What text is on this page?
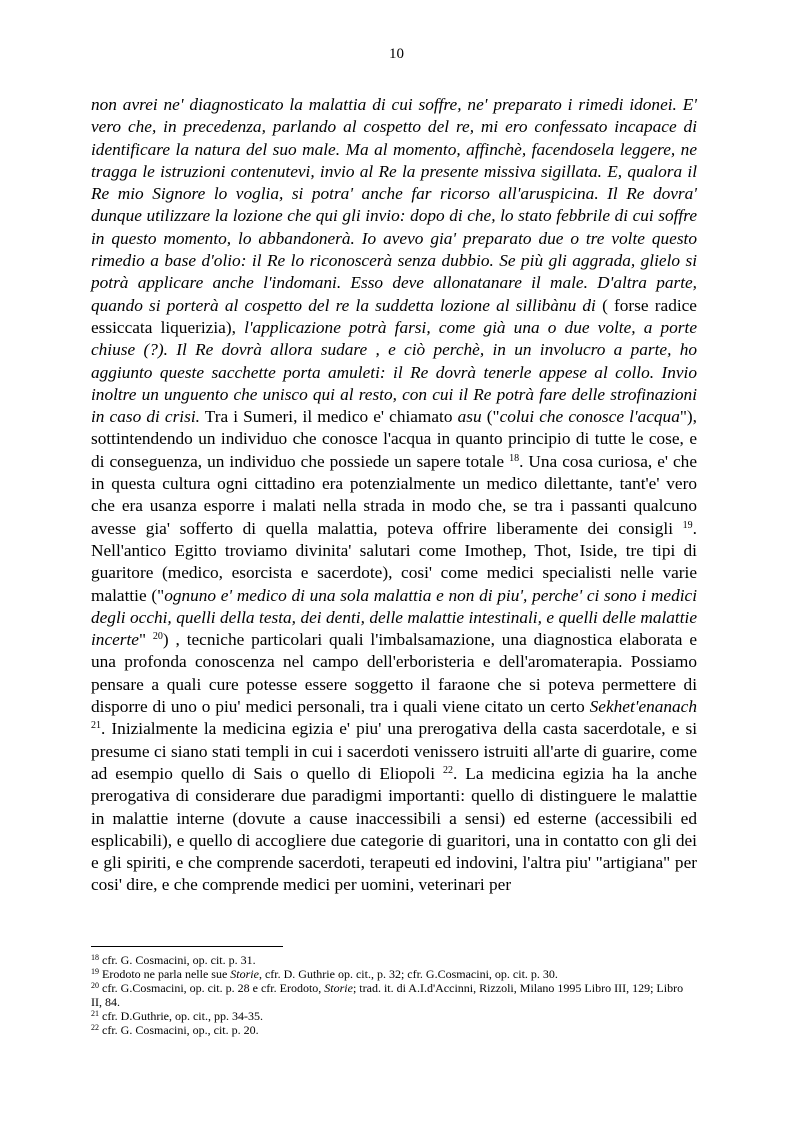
10
non avrei ne' diagnosticato la malattia di cui soffre, ne' preparato i rimedi idonei. E' vero che, in precedenza, parlando al cospetto del re, mi ero confessato incapace di identificare la natura del suo male. Ma al momento, affinchè, facendosela leggere, ne tragga le istruzioni contenutevi, invio al Re la presente missiva sigillata. E, qualora il Re mio Signore lo voglia, si potra' anche far ricorso all'aruspicina. Il Re dovra' dunque utilizzare la lozione che qui gli invio: dopo di che, lo stato febbrile di cui soffre in questo momento, lo abbandonerà. Io avevo gia' preparato due o tre volte questo rimedio a base d'olio: il Re lo riconoscerà senza dubbio. Se più gli aggrada, glielo si potrà applicare anche l'indomani. Esso deve allonatanare il male. D'altra parte, quando si porterà al cospetto del re la suddetta lozione al sillibànu di ( forse radice essiccata liquerizia), l'applicazione potrà farsi, come già una o due volte, a porte chiuse (?). Il Re dovrà allora sudare , e ciò perchè, in un involucro a parte, ho aggiunto queste sacchette porta amuleti: il Re dovrà tenerle appese al collo. Invio inoltre un unguento che unisco qui al resto, con cui il Re potrà fare delle strofinazioni in caso di crisi. Tra i Sumeri, il medico e' chiamato asu ("colui che conosce l'acqua"), sottintendendo un individuo che conosce l'acqua in quanto principio di tutte le cose, e di conseguenza, un individuo che possiede un sapere totale $^{18}$. Una cosa curiosa, e' che in questa cultura ogni cittadino era potenzialmente un medico dilettante, tant'e' vero che era usanza esporre i malati nella strada in modo che, se tra i passanti qualcuno avesse gia' sofferto di quella malattia, poteva offrire liberamente dei consigli $^{19}$. Nell'antico Egitto troviamo divinita' salutari come Imothep, Thot, Iside, tre tipi di guaritore (medico, esorcista e sacerdote), cosi' come medici specialisti nelle varie malattie ("ognuno e' medico di una sola malattia e non di piu', perche' ci sono i medici degli occhi, quelli della testa, dei denti, delle malattie intestinali, e quelli delle malattie incerte" $^{20}$) , tecniche particolari quali l'imbalsamazione, una diagnostica elaborata e una profonda conoscenza nel campo dell'erboristeria e dell'aromaterapia. Possiamo pensare a quali cure potesse essere soggetto il faraone che si poteva permettere di disporre di uno o piu' medici personali, tra i quali viene citato un certo Sekhet'enanach $^{21}$. Inizialmente la medicina egizia e' piu' una prerogativa della casta sacerdotale, e si presume ci siano stati templi in cui i sacerdoti venissero istruiti all'arte di guarire, come ad esempio quello di Sais o quello di Eliopoli $^{22}$. La medicina egizia ha la anche prerogativa di considerare due paradigmi importanti: quello di distinguere le malattie in malattie interne (dovute a cause inaccessibili a sensi) ed esterne (accessibili ed esplicabili), e quello di accogliere due categorie di guaritori, una in contatto con gli dei e gli spiriti, e che comprende sacerdoti, terapeuti ed indovini, l'altra piu' "artigiana" per cosi' dire, e che comprende medici per uomini, veterinari per

$^{18}$ cfr. G. Cosmacini, op. cit. p. 31.

$^{19}$ Erodoto ne parla nelle sue Storie, cfr. D. Guthrie op. cit., p. 32; cfr. G.Cosmacini, op. cit. p. 30.

$^{20}$ cfr. G.Cosmacini, op. cit. p. 28 e cfr. Erodoto, Storie; trad. it. di A.I.d'Accinni, Rizzoli, Milano 1995 Libro III, 129; Libro II, 84.

$^{21}$ cfr. D.Guthrie, op. cit., pp. 34-35.

$^{22}$ cfr. G. Cosmacini, op., cit. p. 20.
